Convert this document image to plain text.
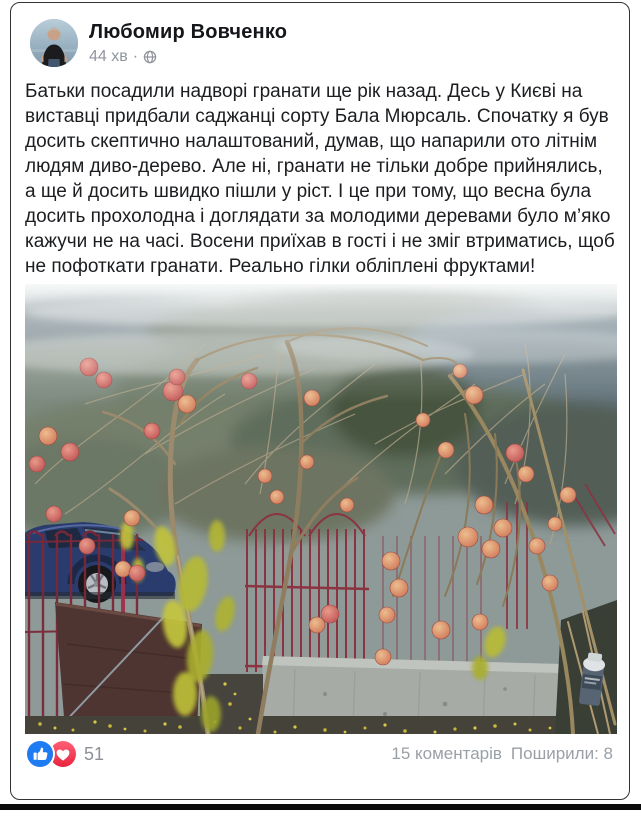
Любомир Вовченко
44 хв ·
Батьки посадили надворі гранати ще рік назад. Десь у Києві на виставці придбали саджанці сорту Бала Мюрсаль. Спочатку я був досить скептично налаштований, думав, що напарили ото літнім людям диво-дерево. Але ні, гранати не тільки добре прийнялись, а ще й досить швидко пішли у ріст. І це при тому, що весна була досить прохолодна і доглядати за молодими деревами було м’яко кажучи не на часі. Восени приїхав в гості і не зміг втриматись, щоб не пофоткати гранати. Реально гілки обліплені фруктами!
51	15 коментарів Поширили: 8
